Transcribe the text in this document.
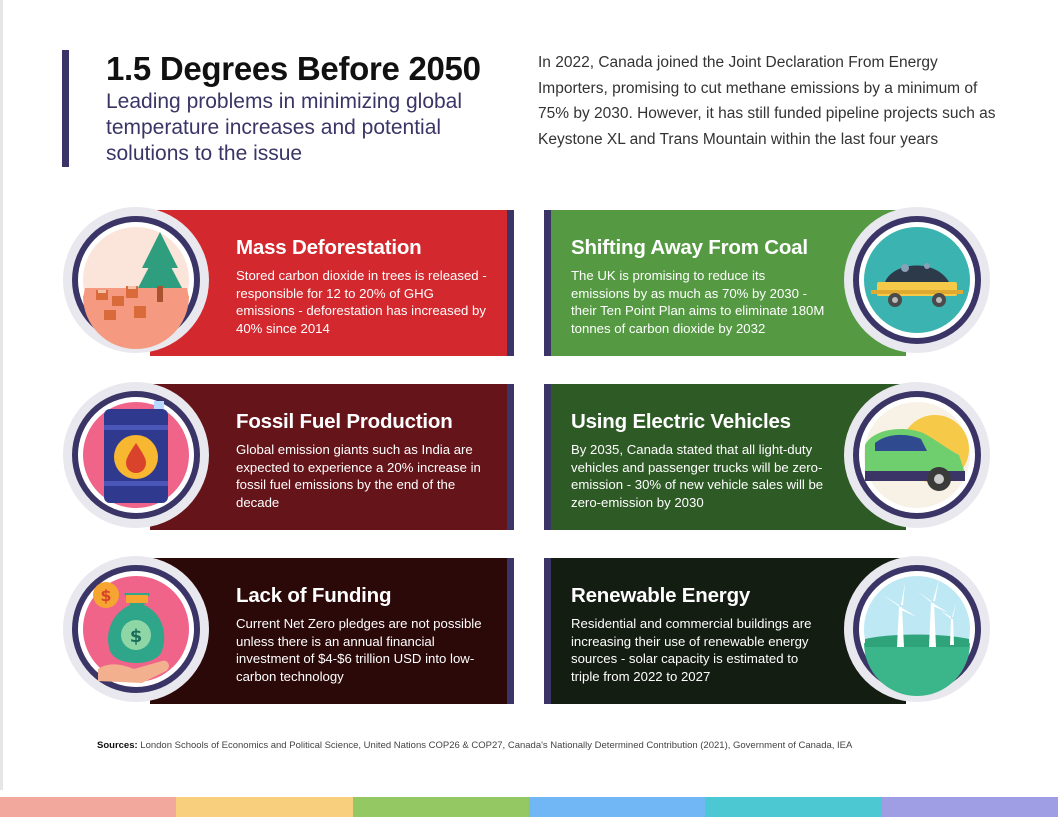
1.5 Degrees Before 2050

Leading problems in minimizing global temperature increases and potential solutions to the issue

In 2022, Canada joined the Joint Declaration From Energy Importers, promising to cut methane emissions by a minimum of 75% by 2030. However, it has still funded pipeline projects such as Keystone XL and Trans Mountain within the last four years

Mass Deforestation

Stored carbon dioxide in trees is released - responsible for 12 to 20% of GHG emissions - deforestation has increased by 40% since 2014

Fossil Fuel Production

Global emission giants such as India are expected to experience a 20% increase in fossil fuel emissions by the end of the decade

Lack of Funding

Current Net Zero pledges are not possible unless there is an annual financial investment of $4-$6 trillion USD into low-carbon technology

$
$
Shifting Away From Coal

The UK is promising to reduce its emissions by as much as 70% by 2030 - their Ten Point Plan aims to eliminate 180M tonnes of carbon dioxide by 2032

Using Electric Vehicles

By 2035, Canada stated that all light-duty vehicles and passenger trucks will be zero-emission - 30% of new vehicle sales will be zero-emission by 2030

Renewable Energy

Residential and commercial buildings are increasing their use of renewable energy sources - solar capacity is estimated to triple from 2022 to 2027

Sources: London Schools of Economics and Political Science, United Nations COP26 & COP27, Canada's Nationally Determined Contribution (2021), Government of Canada, IEA
